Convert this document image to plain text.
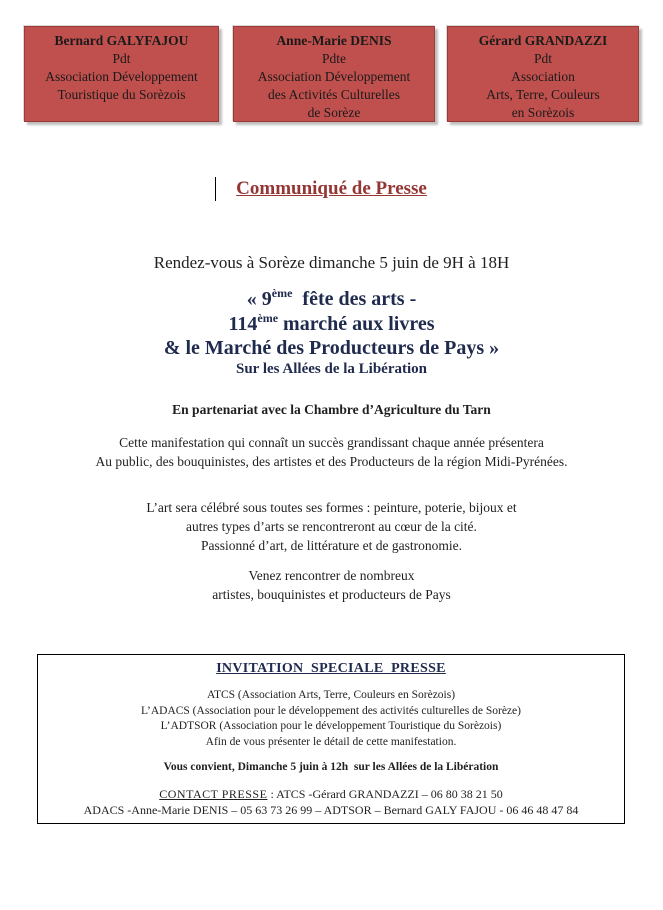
Bernard GALYFAJOU
Pdt
Association Développement
Touristique du Sorèzois
Anne-Marie DENIS
Pdte
Association Développement
des Activités Culturelles
de Sorèze
Gérard GRANDAZZI
Pdt
Association
Arts, Terre, Couleurs
en Sorèzois
Communiqué de Presse
Rendez-vous à Sorèze dimanche 5 juin de 9H à 18H
« 9ème  fête des arts -
114ème marché aux livres
& le Marché des Producteurs de Pays »
Sur les Allées de la Libération
En partenariat avec la Chambre d’Agriculture du Tarn
Cette manifestation qui connaît un succès grandissant chaque année présentera
Au public, des bouquinistes, des artistes et des Producteurs de la région Midi-Pyrénées.
L’art sera célébré sous toutes ses formes : peinture, poterie, bijoux et
autres types d’arts se rencontreront au cœur de la cité.
Passionné d’art, de littérature et de gastronomie.
Venez rencontrer de nombreux
artistes, bouquinistes et producteurs de Pays
INVITATION  SPECIALE  PRESSE
ATCS (Association Arts, Terre, Couleurs en Sorèzois)
L’ADACS (Association pour le développement des activités culturelles de Sorèze)
L’ADTSOR (Association pour le développement Touristique du Sorèzois)
Afin de vous présenter le détail de cette manifestation.
Vous convient, Dimanche 5 juin à 12h  sur les Allées de la Libération
CONTACT PRESSE : ATCS -Gérard GRANDAZZI – 06 80 38 21 50
ADACS -Anne-Marie DENIS – 05 63 73 26 99 – ADTSOR – Bernard GALY FAJOU - 06 46 48 47 84
